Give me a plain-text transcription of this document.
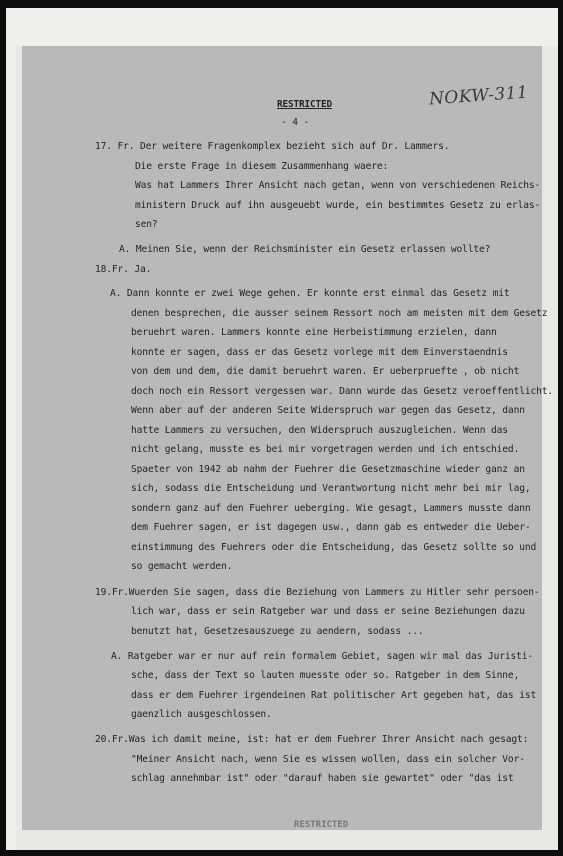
NOKW-311
RESTRICTED
- 4 -
17. Fr. Der weitere Fragenkomplex bezieht sich auf Dr. Lammers.
Die erste Frage in diesem Zusammenhang waere:
Was hat Lammers Ihrer Ansicht nach getan, wenn von verschiedenen Reichs-
ministern Druck auf ihn ausgeuebt wurde, ein bestimmtes Gesetz zu erlas-
sen?
A. Meinen Sie, wenn der Reichsminister ein Gesetz erlassen wollte?
18.Fr. Ja.
A. Dann konnte er zwei Wege gehen. Er konnte erst einmal das Gesetz mit
denen besprechen, die ausser seinem Ressort noch am meisten mit dem Gesetz
beruehrt waren. Lammers konnte eine Herbeistimmung erzielen, dann
konnte er sagen, dass er das Gesetz vorlege mit dem Einverstaendnis
von dem und dem, die damit beruehrt waren. Er ueberpruefte , ob nicht
doch noch ein Ressort vergessen war. Dann wurde das Gesetz veroeffentlicht.
Wenn aber auf der anderen Seite Widerspruch war gegen das Gesetz, dann
hatte Lammers zu versuchen, den Widerspruch auszugleichen. Wenn das
nicht gelang, musste es bei mir vorgetragen werden und ich entschied.
Spaeter von 1942 ab nahm der Fuehrer die Gesetzmaschine wieder ganz an
sich, sodass die Entscheidung und Verantwortung nicht mehr bei mir lag,
sondern ganz auf den Fuehrer ueberging. Wie gesagt, Lammers musste dann
dem Fuehrer sagen, er ist dagegen usw., dann gab es entweder die Ueber-
einstimmung des Fuehrers oder die Entscheidung, das Gesetz sollte so und
so gemacht werden.
19.Fr.Wuerden Sie sagen, dass die Beziehung von Lammers zu Hitler sehr persoen-
lich war, dass er sein Ratgeber war und dass er seine Beziehungen dazu
benutzt hat, Gesetzesauszuege zu aendern, sodass ...
A. Ratgeber war er nur auf rein formalem Gebiet, sagen wir mal das Juristi-
sche, dass der Text so lauten muesste oder so. Ratgeber in dem Sinne,
dass er dem Fuehrer irgendeinen Rat politischer Art gegeben hat, das ist
gaenzlich ausgeschlossen.
20.Fr.Was ich damit meine, ist: hat er dem Fuehrer Ihrer Ansicht nach gesagt:
"Meiner Ansicht nach, wenn Sie es wissen wollen, dass ein solcher Vor-
schlag annehmbar ist" oder "darauf haben sie gewartet" oder "das ist
RESTRICTED
